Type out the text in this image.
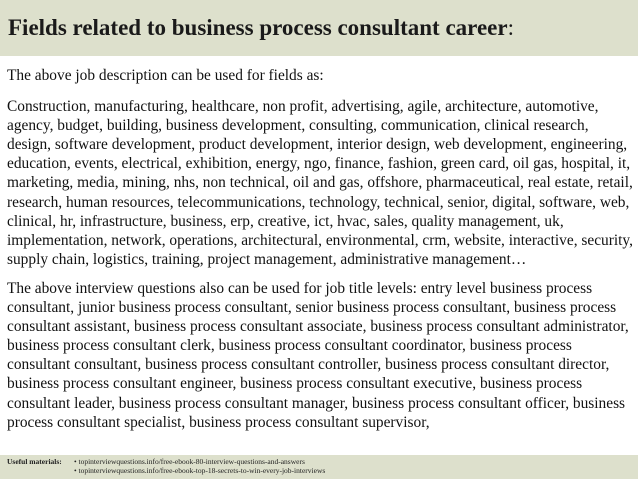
Fields related to business process consultant career:

The above job description can be used for fields as:

Construction, manufacturing, healthcare, non profit, advertising, agile, architecture, automotive, agency, budget, building, business development, consulting, communication, clinical research, design, software development, product development, interior design, web development, engineering, education, events, electrical, exhibition, energy, ngo, finance, fashion, green card, oil gas, hospital, it, marketing, media, mining, nhs, non technical, oil and gas, offshore, pharmaceutical, real estate, retail, research, human resources, telecommunications, technology, technical, senior, digital, software, web, clinical, hr, infrastructure, business, erp, creative, ict, hvac, sales, quality management, uk, implementation, network, operations, architectural, environmental, crm, website, interactive, security, supply chain, logistics, training, project management, administrative management…

The above interview questions also can be used for job title levels: entry level business process consultant, junior business process consultant, senior business process consultant, business process consultant assistant, business process consultant associate, business process consultant administrator, business process consultant clerk, business process consultant coordinator, business process consultant consultant, business process consultant controller, business process consultant director, business process consultant engineer, business process consultant executive, business process consultant leader, business process consultant manager, business process consultant officer, business process consultant specialist, business process consultant supervisor,

Useful materials: • topinterviewquestions.info/free-ebook-80-interview-questions-and-answers
• topinterviewquestions.info/free-ebook-top-18-secrets-to-win-every-job-interviews
